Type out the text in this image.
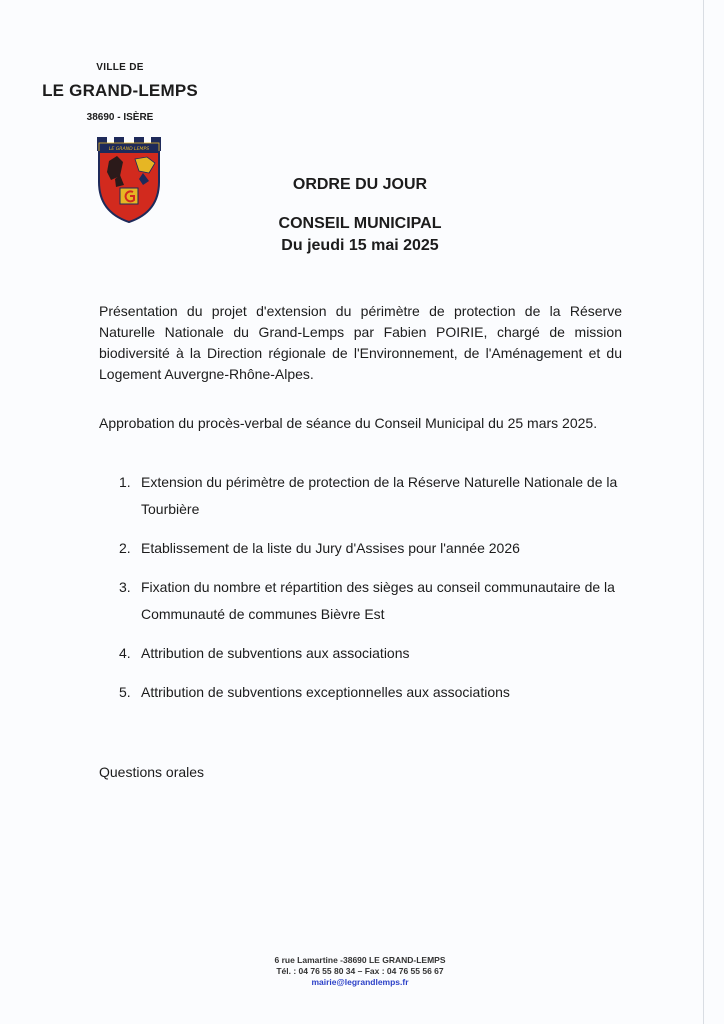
VILLE DE
LE GRAND-LEMPS
38690 - ISÈRE
LE GRAND LEMPS
ORDRE DU JOUR
CONSEIL MUNICIPAL
Du jeudi 15 mai 2025
Présentation du projet d'extension du périmètre de protection de la Réserve Naturelle Nationale du Grand-Lemps par Fabien POIRIE, chargé de mission biodiversité à la Direction régionale de l'Environnement, de l'Aménagement et du Logement Auvergne-Rhône-Alpes.
Approbation du procès-verbal de séance du Conseil Municipal du 25 mars 2025.
1. Extension du périmètre de protection de la Réserve Naturelle Nationale de la Tourbière
2. Etablissement de la liste du Jury d'Assises pour l'année 2026
3. Fixation du nombre et répartition des sièges au conseil communautaire de la Communauté de communes Bièvre Est
4. Attribution de subventions aux associations
5. Attribution de subventions exceptionnelles aux associations
Questions orales
6 rue Lamartine -38690 LE GRAND-LEMPS
Tél. : 04 76 55 80 34 – Fax : 04 76 55 56 67
mairie@legrandlemps.fr
